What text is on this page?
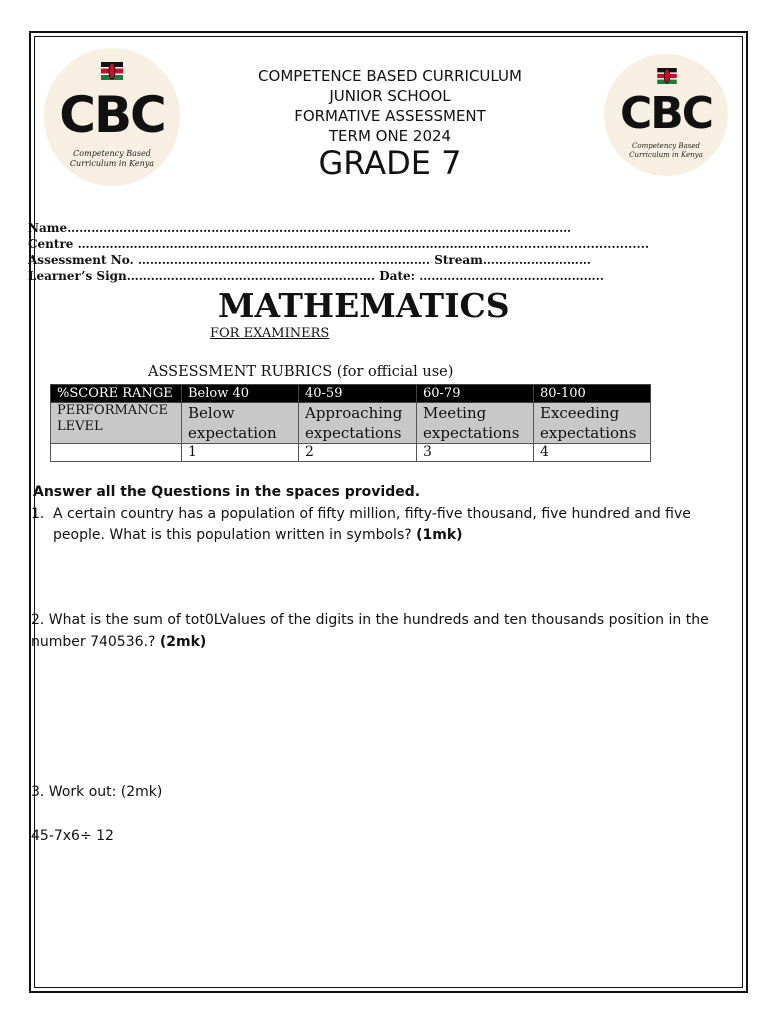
CBC
Competency Based
Curriculum in Kenya
CBC
Competency Based
Curriculum in Kenya
COMPETENCE BASED CURRICULUM
JUNIOR SCHOOL
FORMATIVE ASSESSMENT
TERM ONE 2024
GRADE 7
Name………………………………………………………………………………………………………………
Centre ………………………………………………………………………………………..........................................
Assessment No. ………………………………………………………………. Stream………………………
Learner’s Sign………………………………………………….…. Date: …………………..…………………..
MATHEMATICS
FOR EXAMINERS
ASSESSMENT RUBRICS (for official use)
%SCORE RANGE	Below 40	40-59	60-79	80-100
PERFORMANCE LEVEL	Below expectation	Approaching expectations	Meeting expectations	Exceeding expectations
	1	2	3	4
Answer all the Questions in the spaces provided.
1. A certain country has a population of fifty million, fifty-five thousand, five hundred and five
people. What is this population written in symbols? (1mk)
2. What is the sum of tot0LValues of the digits in the hundreds and ten thousands position in the
number 740536.? (2mk)
3. Work out: (2mk)
45-7x6÷ 12
